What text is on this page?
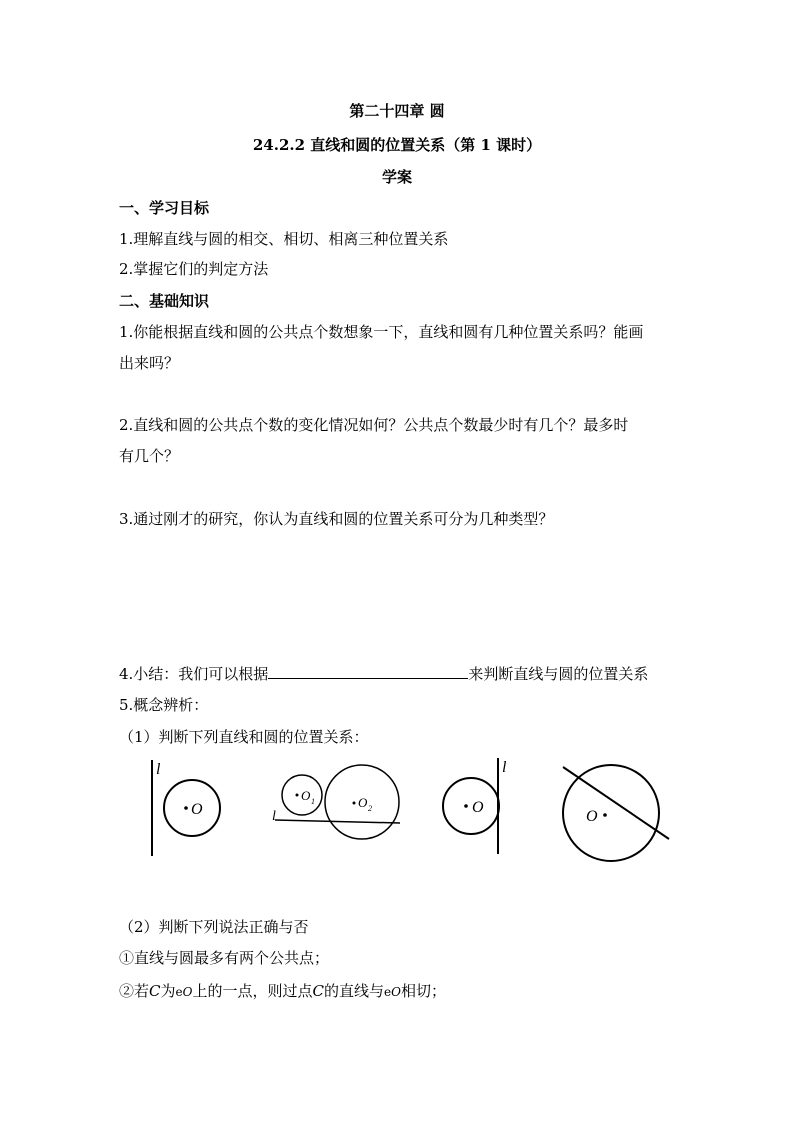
第二十四章 圆
24.2.2 直线和圆的位置关系（第 1 课时）
学案
一、学习目标
1.理解直线与圆的相交、相切、相离三种位置关系
2.掌握它们的判定方法
二、基础知识
1.你能根据直线和圆的公共点个数想象一下，直线和圆有几种位置关系吗？能画
出来吗？
2.直线和圆的公共点个数的变化情况如何？公共点个数最少时有几个？最多时
有几个？
3.通过刚才的研究，你认为直线和圆的位置关系可分为几种类型？
4.小结：我们可以根据	来判断直线与圆的位置关系
5.概念辨析：
（1）判断下列直线和圆的位置关系：
l
O	l
O 1	O 2
l
O
O
（2）判断下列说法正确与否
①直线与圆最多有两个公共点；
②若C为eO上的一点，则过点C的直线与eO相切；
